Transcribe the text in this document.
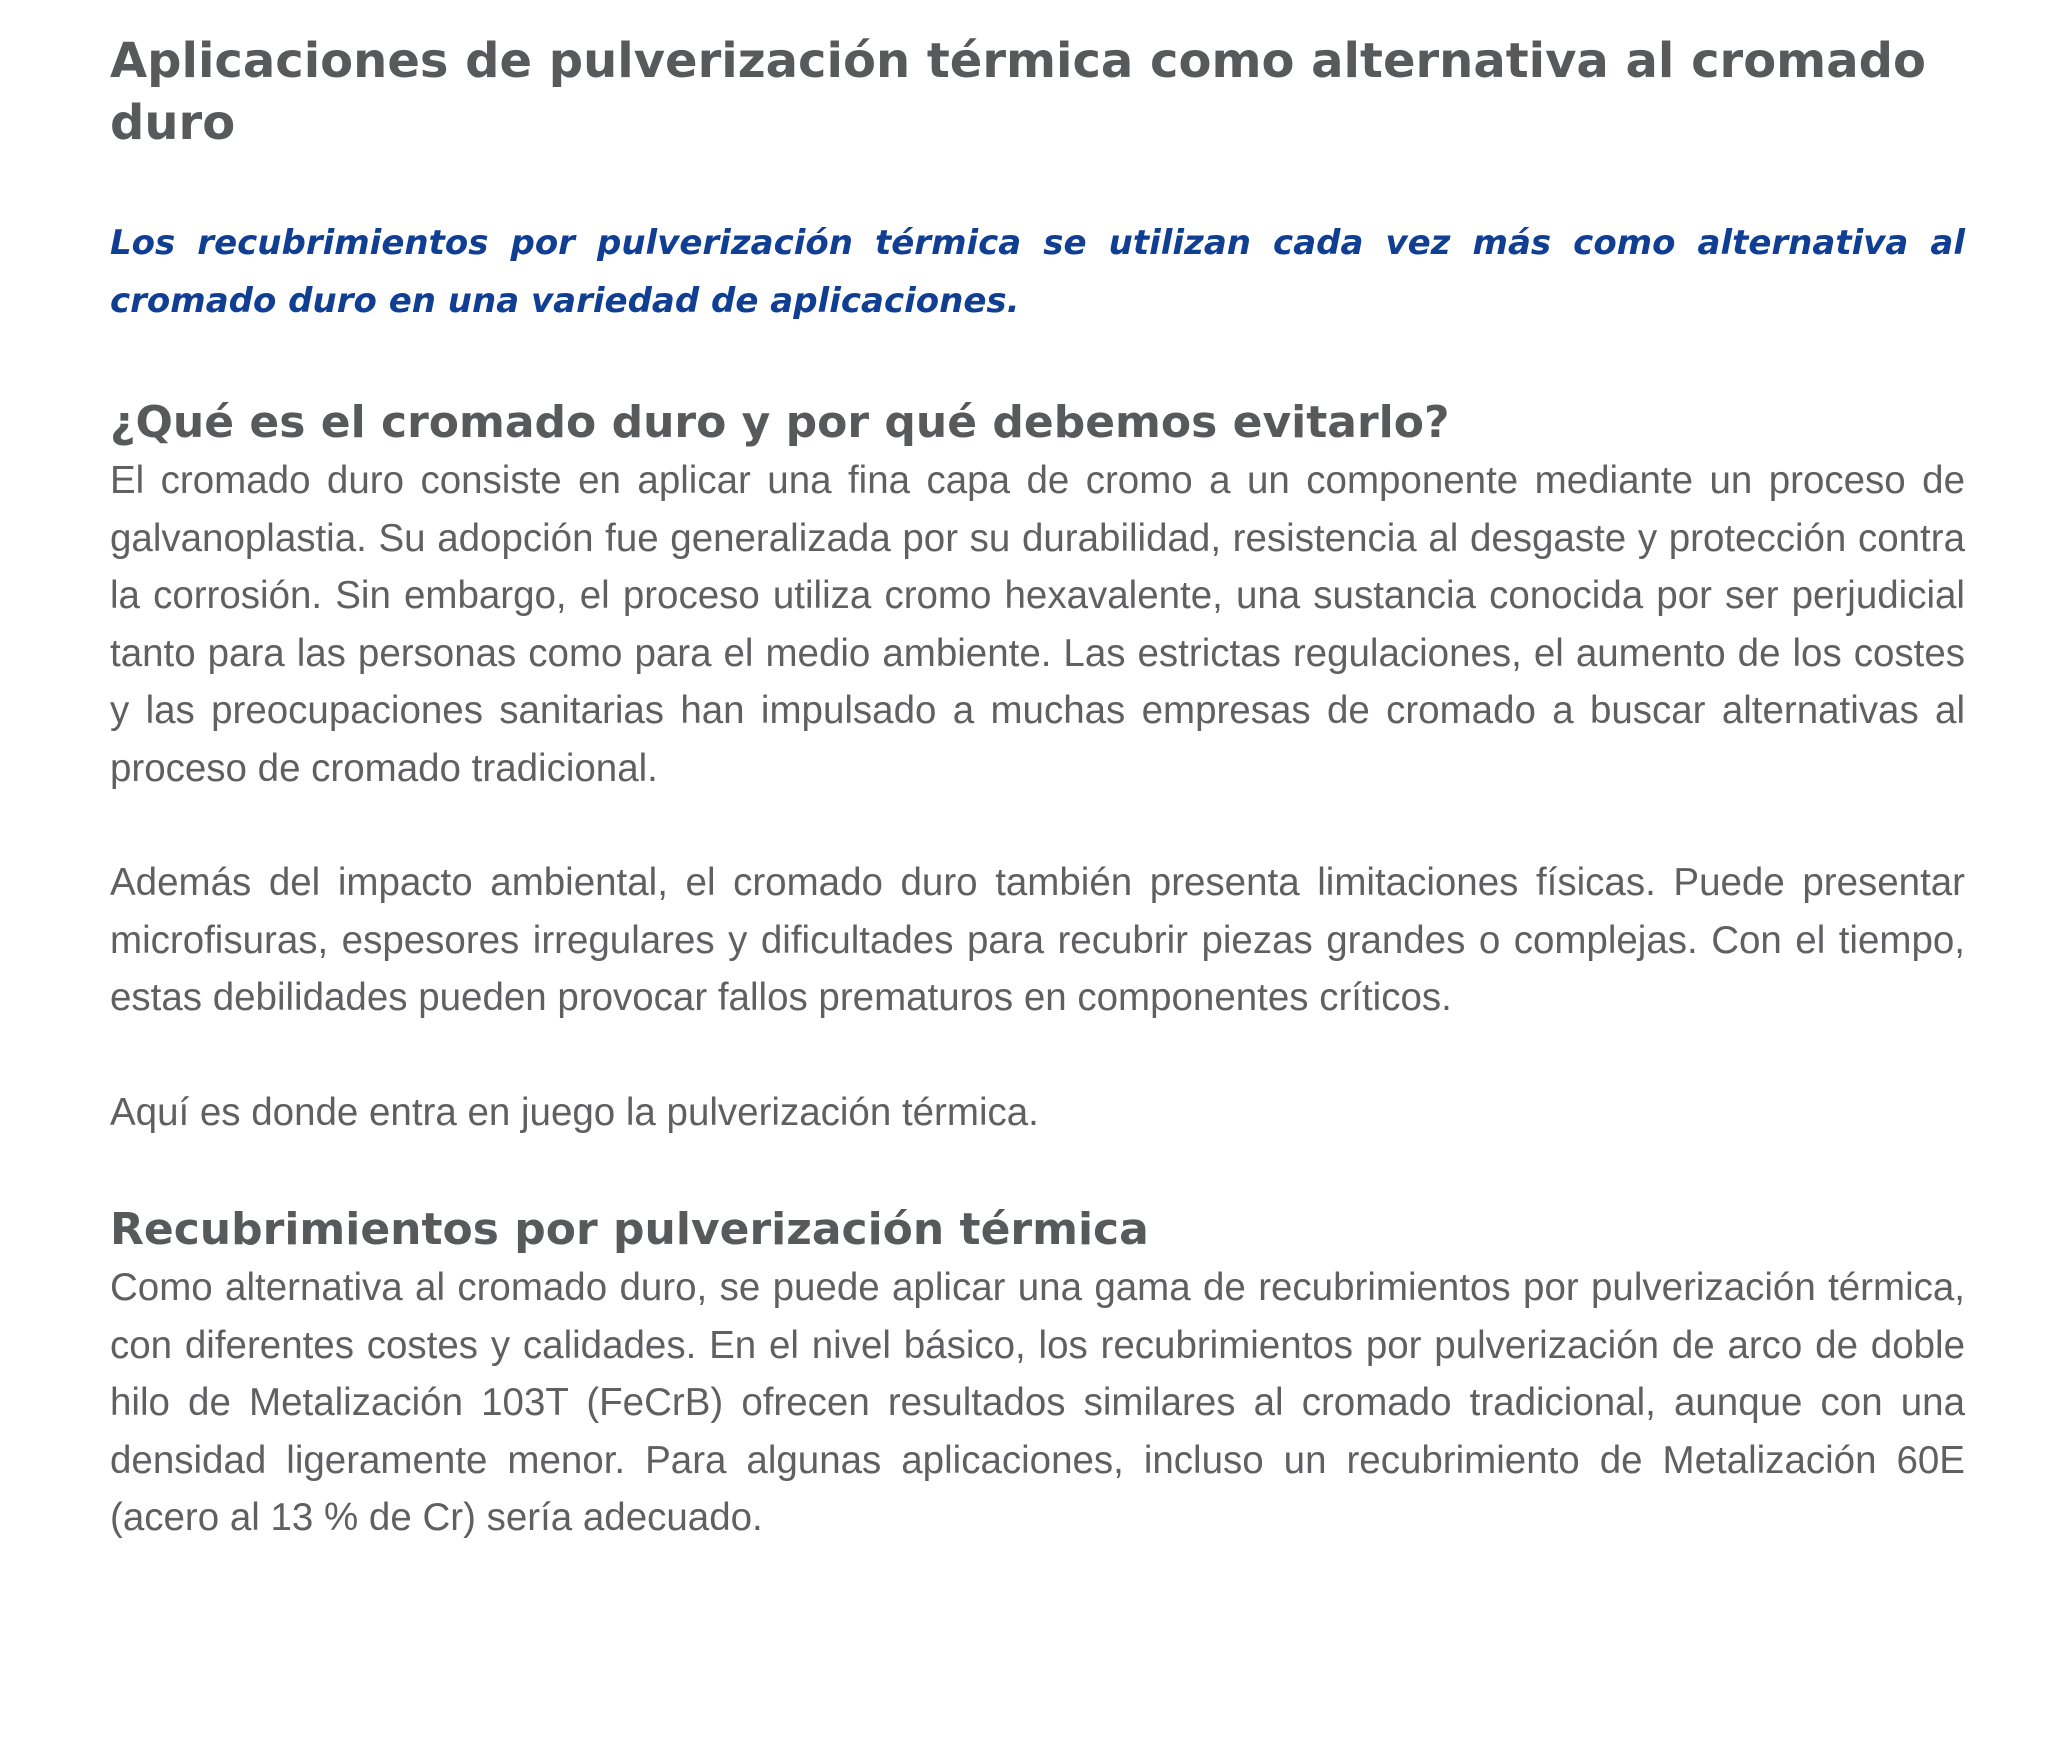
Aplicaciones de pulverización térmica como alternativa al cromado duro

Los recubrimientos por pulverización térmica se utilizan cada vez más como alternativa al cromado duro en una variedad de aplicaciones.

¿Qué es el cromado duro y por qué debemos evitarlo?

El cromado duro consiste en aplicar una fina capa de cromo a un componente mediante un proceso de galvanoplastia. Su adopción fue generalizada por su durabilidad, resistencia al desgaste y protección contra la corrosión. Sin embargo, el proceso utiliza cromo hexavalente, una sustancia conocida por ser perjudicial tanto para las personas como para el medio ambiente. Las estrictas regulaciones, el aumento de los costes y las preocupaciones sanitarias han impulsado a muchas empresas de cromado a buscar alternativas al proceso de cromado tradicional.

Además del impacto ambiental, el cromado duro también presenta limitaciones físicas. Puede presentar microfisuras, espesores irregulares y dificultades para recubrir piezas grandes o complejas. Con el tiempo, estas debilidades pueden provocar fallos prematuros en componentes críticos.

Aquí es donde entra en juego la pulverización térmica.

Recubrimientos por pulverización térmica

Como alternativa al cromado duro, se puede aplicar una gama de recubrimientos por pulverización térmica, con diferentes costes y calidades. En el nivel básico, los recubrimientos por pulverización de arco de doble hilo de Metalización 103T (FeCrB) ofrecen resultados similares al cromado tradicional, aunque con una densidad ligeramente menor. Para algunas aplicaciones, incluso un recubrimiento de Metalización 60E (acero al 13 % de Cr) sería adecuado.
